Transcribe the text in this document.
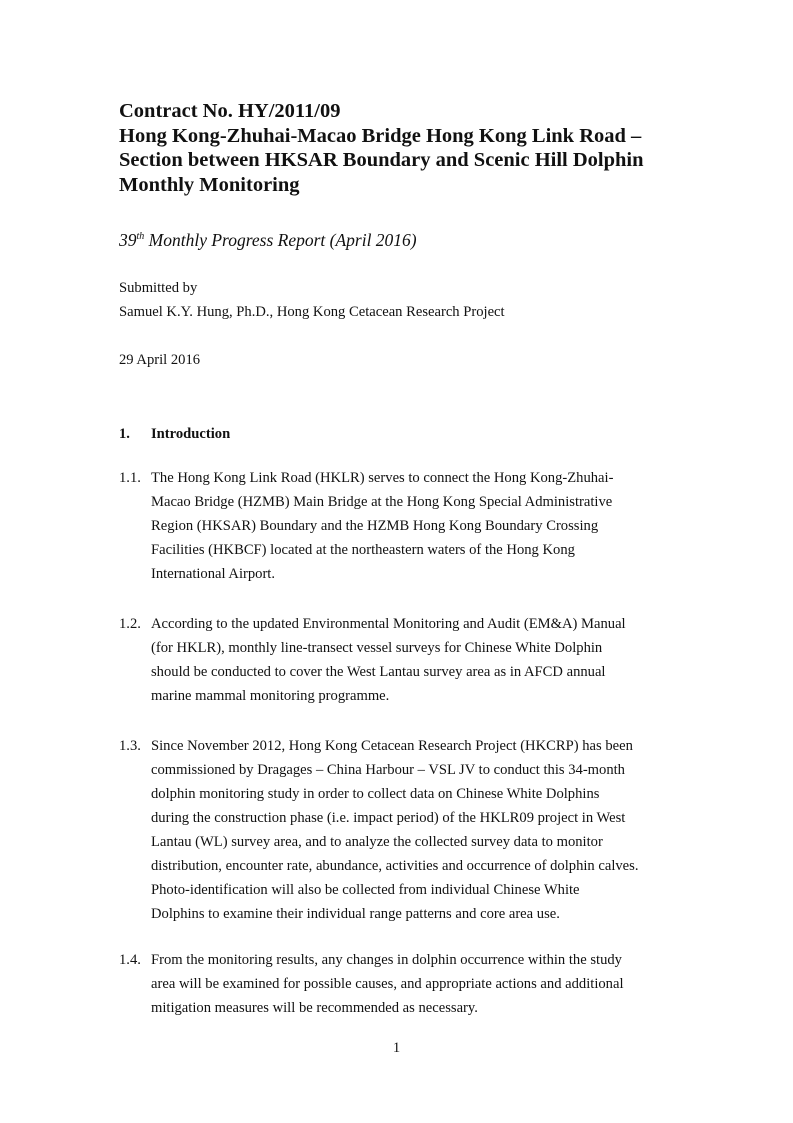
Contract No. HY/2011/09
Hong Kong-Zhuhai-Macao Bridge Hong Kong Link Road –
Section between HKSAR Boundary and Scenic Hill Dolphin
Monthly Monitoring
39th Monthly Progress Report (April 2016)
Submitted by
Samuel K.Y. Hung, Ph.D., Hong Kong Cetacean Research Project
29 April 2016
1. Introduction
1.1. The Hong Kong Link Road (HKLR) serves to connect the Hong Kong-Zhuhai-
Macao Bridge (HZMB) Main Bridge at the Hong Kong Special Administrative
Region (HKSAR) Boundary and the HZMB Hong Kong Boundary Crossing
Facilities (HKBCF) located at the northeastern waters of the Hong Kong
International Airport.
1.2. According to the updated Environmental Monitoring and Audit (EM&A) Manual
(for HKLR), monthly line-transect vessel surveys for Chinese White Dolphin
should be conducted to cover the West Lantau survey area as in AFCD annual
marine mammal monitoring programme.
1.3. Since November 2012, Hong Kong Cetacean Research Project (HKCRP) has been
commissioned by Dragages – China Harbour – VSL JV to conduct this 34-month
dolphin monitoring study in order to collect data on Chinese White Dolphins
during the construction phase (i.e. impact period) of the HKLR09 project in West
Lantau (WL) survey area, and to analyze the collected survey data to monitor
distribution, encounter rate, abundance, activities and occurrence of dolphin calves.
Photo-identification will also be collected from individual Chinese White
Dolphins to examine their individual range patterns and core area use.
1.4. From the monitoring results, any changes in dolphin occurrence within the study
area will be examined for possible causes, and appropriate actions and additional
mitigation measures will be recommended as necessary.
1
